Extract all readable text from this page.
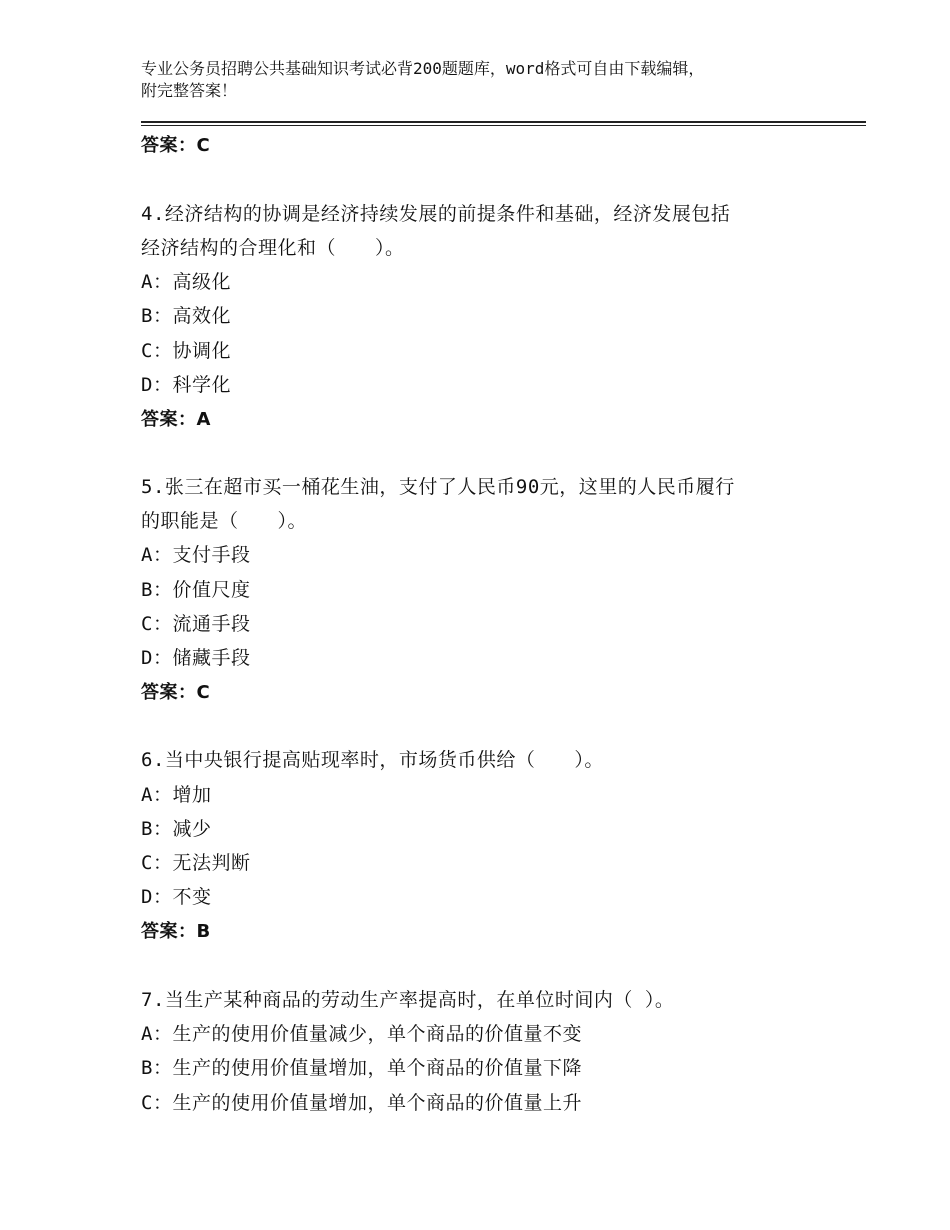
专业公务员招聘公共基础知识考试必背200题题库，word格式可自由下载编辑，
附完整答案！
答案：C
4.经济结构的协调是经济持续发展的前提条件和基础，经济发展包括
经济结构的合理化和（　　）。
A：高级化
B：高效化
C：协调化
D：科学化
答案：A
5.张三在超市买一桶花生油，支付了人民币90元，这里的人民币履行
的职能是（　　）。
A：支付手段
B：价值尺度
C：流通手段
D：储藏手段
答案：C
6.当中央银行提高贴现率时，市场货币供给（　　）。
A：增加
B：减少
C：无法判断
D：不变
答案：B
7.当生产某种商品的劳动生产率提高时，在单位时间内（ ）。
A：生产的使用价值量减少，单个商品的价值量不变
B：生产的使用价值量增加，单个商品的价值量下降
C：生产的使用价值量增加，单个商品的价值量上升
